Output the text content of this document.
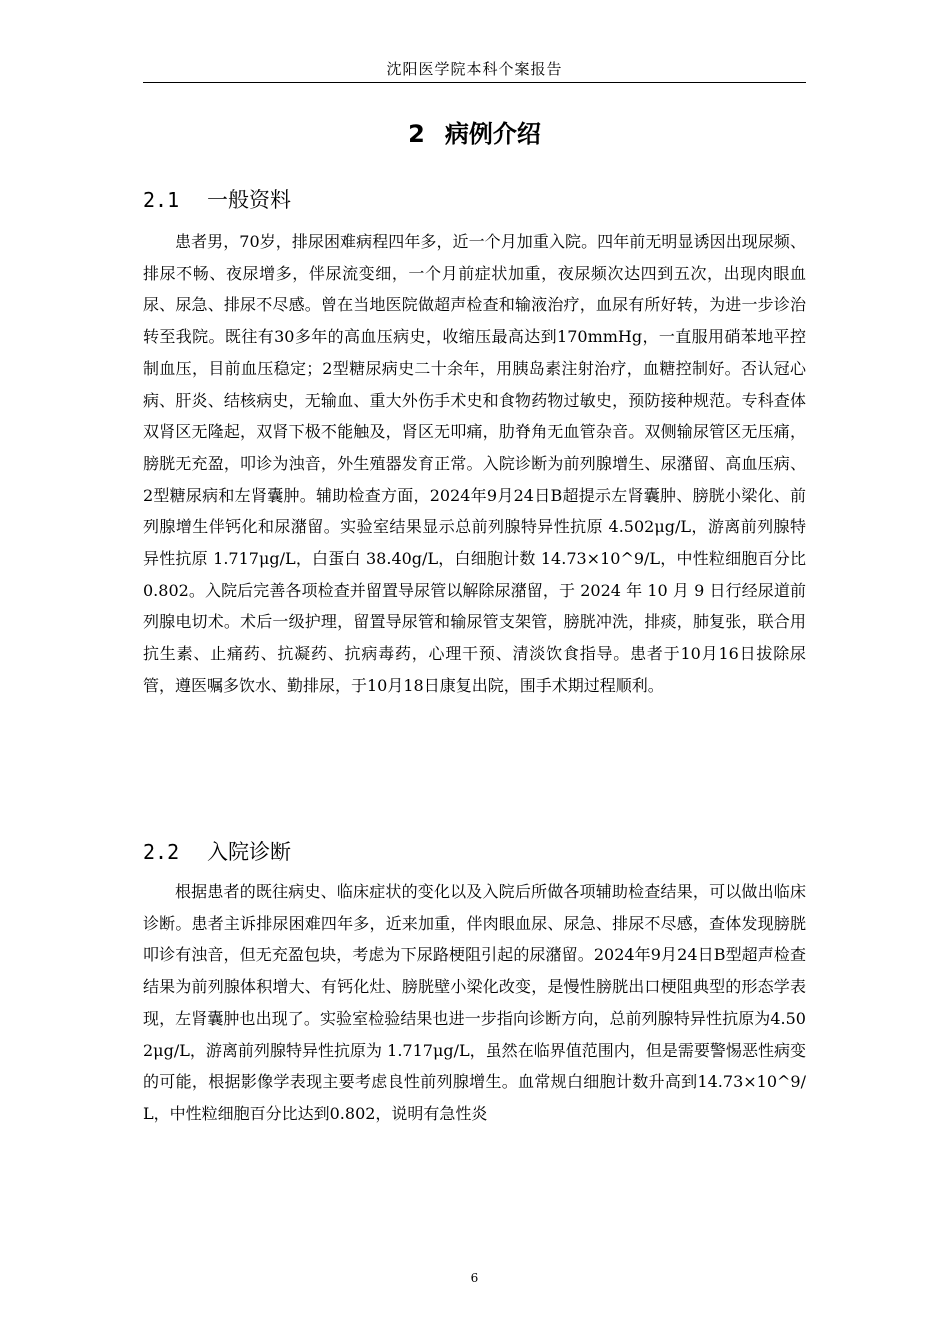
沈阳医学院本科个案报告
2 病例介绍
2.1 一般资料

患者男，70岁，排尿困难病程四年多，近一个月加重入院。四年前无明显诱因出现尿频、排尿不畅、夜尿增多，伴尿流变细，一个月前症状加重，夜尿频次达四到五次，出现肉眼血尿、尿急、排尿不尽感。曾在当地医院做超声检查和输液治疗，血尿有所好转，为进一步诊治转至我院。既往有30多年的高血压病史，收缩压最高达到170mmHg，一直服用硝苯地平控制血压，目前血压稳定；2型糖尿病史二十余年，用胰岛素注射治疗，血糖控制好。否认冠心病、肝炎、结核病史，无输血、重大外伤手术史和食物药物过敏史，预防接种规范。专科查体双肾区无隆起，双肾下极不能触及，肾区无叩痛，肋脊角无血管杂音。双侧输尿管区无压痛，膀胱无充盈，叩诊为浊音，外生殖器发育正常。入院诊断为前列腺增生、尿潴留、高血压病、2型糖尿病和左肾囊肿。辅助检查方面，2024年9月24日B超提示左肾囊肿、膀胱小梁化、前列腺增生伴钙化和尿潴留。实验室结果显示总前列腺特异性抗原 4.502μg/L，游离前列腺特异性抗原 1.717μg/L，白蛋白 38.40g/L，白细胞计数 14.73×10^9/L，中性粒细胞百分比 0.802。入院后完善各项检查并留置导尿管以解除尿潴留，于 2024 年 10 月 9 日行经尿道前列腺电切术。术后一级护理，留置导尿管和输尿管支架管，膀胱冲洗，排痰，肺复张，联合用抗生素、止痛药、抗凝药、抗病毒药，心理干预、清淡饮食指导。患者于10月16日拔除尿管，遵医嘱多饮水、勤排尿，于10月18日康复出院，围手术期过程顺利。

2.2 入院诊断

根据患者的既往病史、临床症状的变化以及入院后所做各项辅助检查结果，可以做出临床诊断。患者主诉排尿困难四年多，近来加重，伴肉眼血尿、尿急、排尿不尽感，查体发现膀胱叩诊有浊音，但无充盈包块，考虑为下尿路梗阻引起的尿潴留。2024年9月24日B型超声检查结果为前列腺体积增大、有钙化灶、膀胱壁小梁化改变，是慢性膀胱出口梗阻典型的形态学表现，左肾囊肿也出现了。实验室检验结果也进一步指向诊断方向，总前列腺特异性抗原为4.502μg/L，游离前列腺特异性抗原为 1.717μg/L，虽然在临界值范围内，但是需要警惕恶性病变的可能，根据影像学表现主要考虑良性前列腺增生。血常规白细胞计数升高到14.73×10^9/L，中性粒细胞百分比达到0.802，说明有急性炎

6
